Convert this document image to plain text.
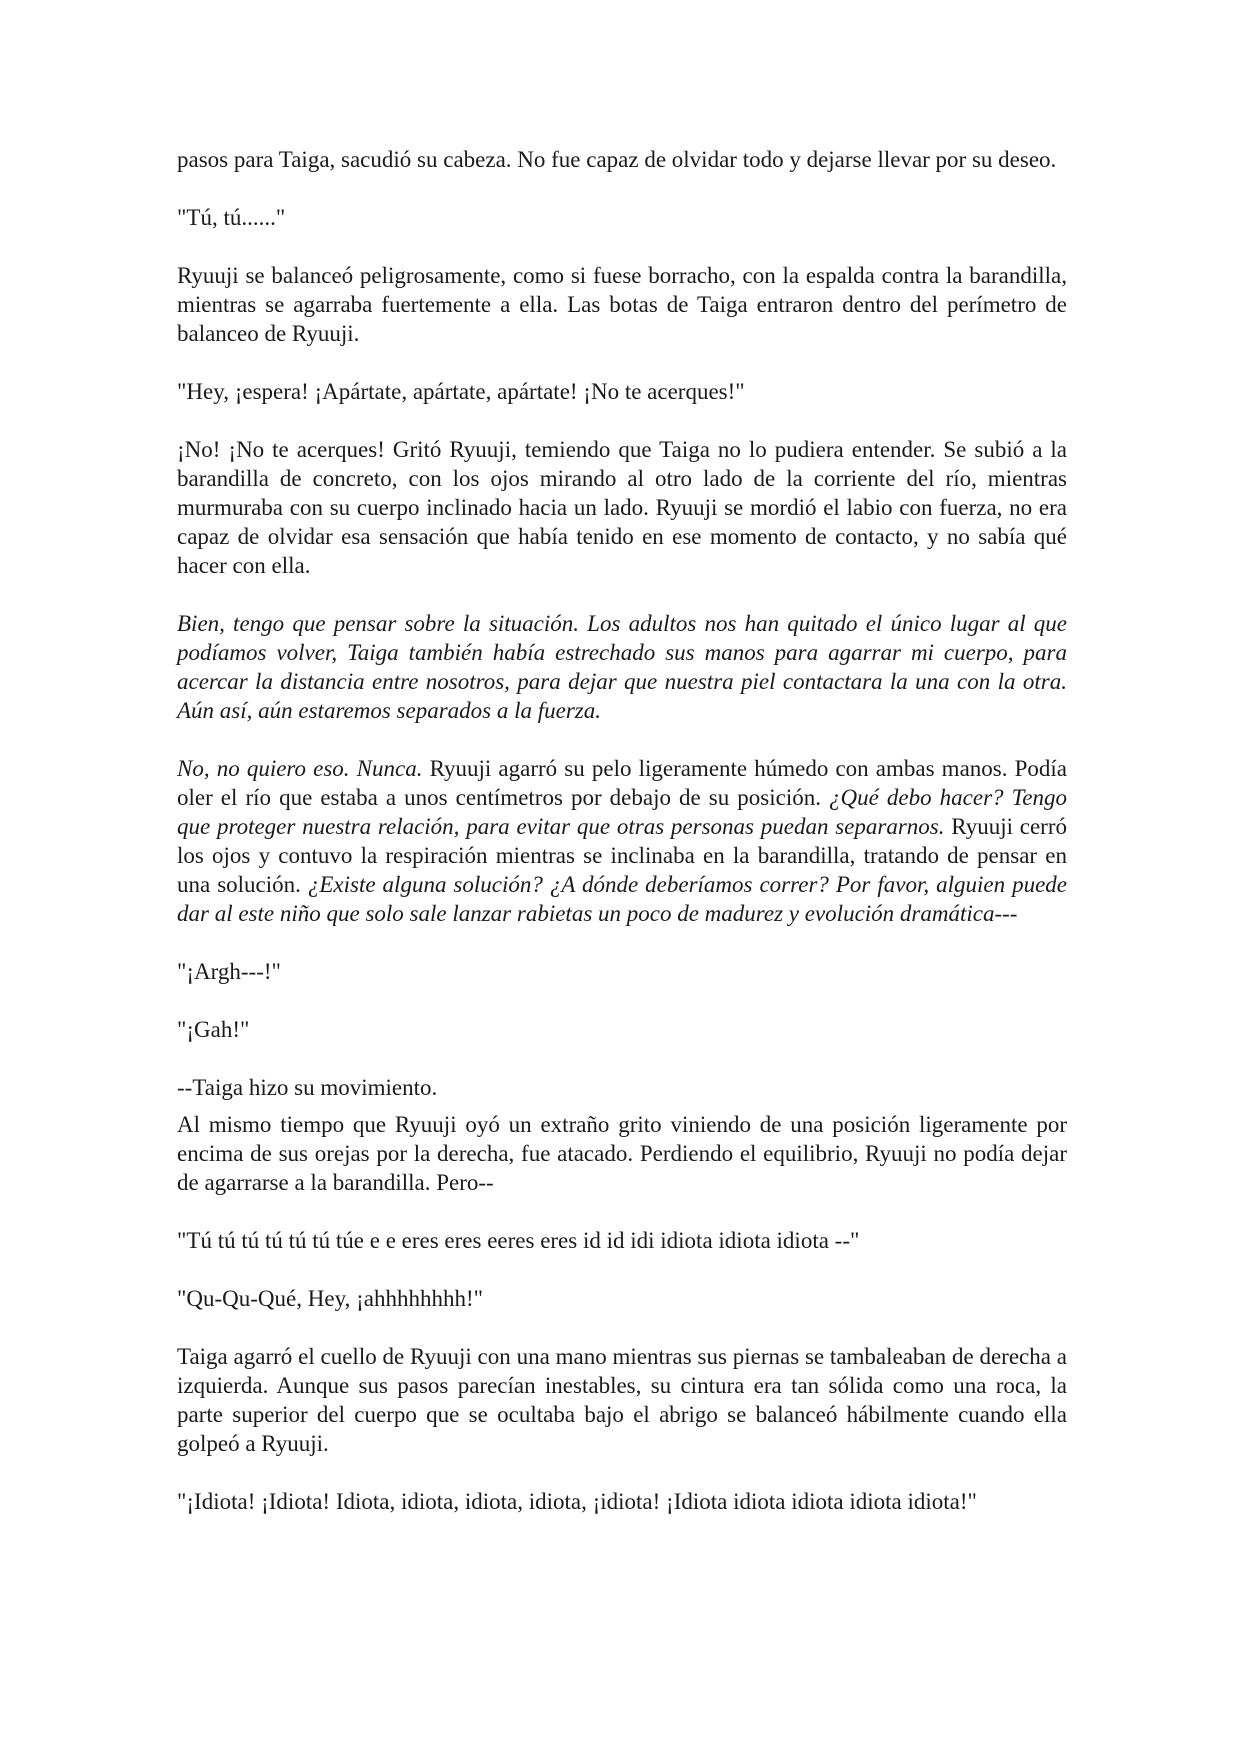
pasos para Taiga, sacudió su cabeza. No fue capaz de olvidar todo y dejarse llevar por su deseo.

"Tú, tú......"

Ryuuji se balanceó peligrosamente, como si fuese borracho, con la espalda contra la barandilla, mientras se agarraba fuertemente a ella. Las botas de Taiga entraron dentro del perímetro de balanceo de Ryuuji.

"Hey, ¡espera! ¡Apártate, apártate, apártate! ¡No te acerques!"

¡No! ¡No te acerques! Gritó Ryuuji, temiendo que Taiga no lo pudiera entender. Se subió a la barandilla de concreto, con los ojos mirando al otro lado de la corriente del río, mientras murmuraba con su cuerpo inclinado hacia un lado. Ryuuji se mordió el labio con fuerza, no era capaz de olvidar esa sensación que había tenido en ese momento de contacto, y no sabía qué hacer con ella.

Bien, tengo que pensar sobre la situación. Los adultos nos han quitado el único lugar al que podíamos volver, Taiga también había estrechado sus manos para agarrar mi cuerpo, para acercar la distancia entre nosotros, para dejar que nuestra piel contactara la una con la otra. Aún así, aún estaremos separados a la fuerza.

No, no quiero eso. Nunca. Ryuuji agarró su pelo ligeramente húmedo con ambas manos. Podía oler el río que estaba a unos centímetros por debajo de su posición. ¿Qué debo hacer? Tengo que proteger nuestra relación, para evitar que otras personas puedan separarnos. Ryuuji cerró los ojos y contuvo la respiración mientras se inclinaba en la barandilla, tratando de pensar en una solución. ¿Existe alguna solución? ¿A dónde deberíamos correr? Por favor, alguien puede dar al este niño que solo sale lanzar rabietas un poco de madurez y evolución dramática---

"¡Argh---!"

"¡Gah!"

--Taiga hizo su movimiento.

Al mismo tiempo que Ryuuji oyó un extraño grito viniendo de una posición ligeramente por encima de sus orejas por la derecha, fue atacado. Perdiendo el equilibrio, Ryuuji no podía dejar de agarrarse a la barandilla. Pero--

"Tú tú tú tú tú tú túe e e eres eres eeres eres id id idi idiota idiota idiota --"

"Qu-Qu-Qué, Hey, ¡ahhhhhhhh!"

Taiga agarró el cuello de Ryuuji con una mano mientras sus piernas se tambaleaban de derecha a izquierda. Aunque sus pasos parecían inestables, su cintura era tan sólida como una roca, la parte superior del cuerpo que se ocultaba bajo el abrigo se balanceó hábilmente cuando ella golpeó a Ryuuji.

"¡Idiota! ¡Idiota! Idiota, idiota, idiota, idiota, ¡idiota! ¡Idiota idiota idiota idiota idiota!"
